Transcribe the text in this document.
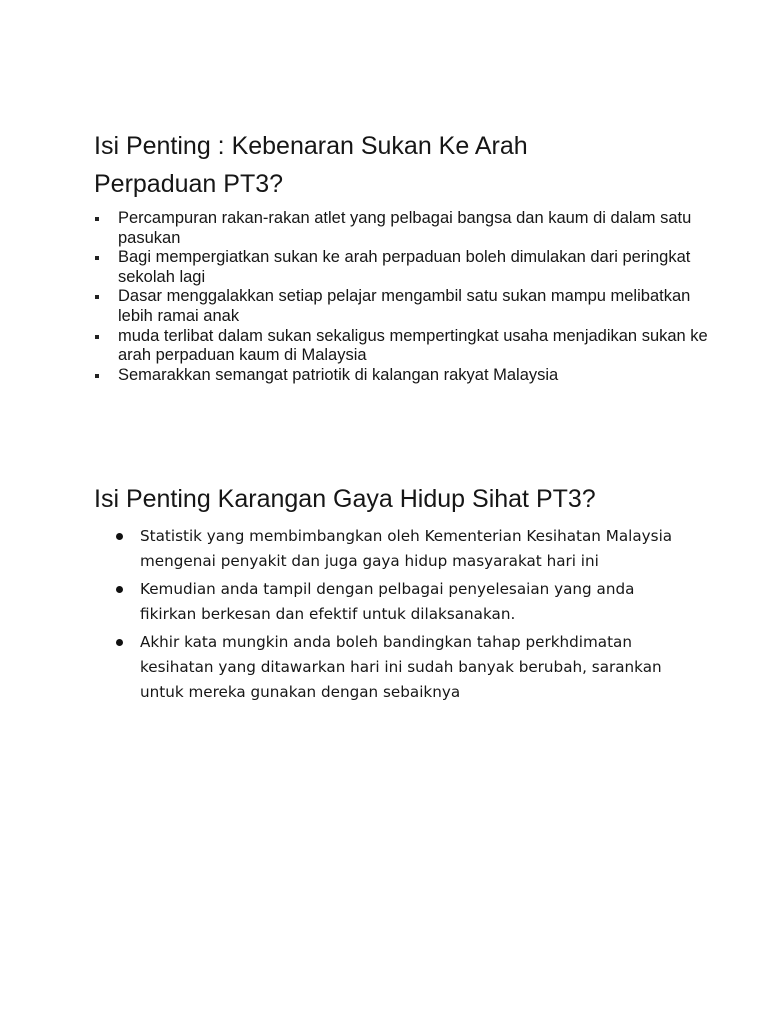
Isi Penting : Kebenaran Sukan Ke Arah
Perpaduan PT3?
Percampuran rakan-rakan atlet yang pelbagai bangsa dan kaum di dalam satu pasukan
Bagi mempergiatkan sukan ke arah perpaduan boleh dimulakan dari peringkat sekolah lagi
Dasar menggalakkan setiap pelajar mengambil satu sukan mampu melibatkan lebih ramai anak
muda terlibat dalam sukan sekaligus mempertingkat usaha menjadikan sukan ke arah perpaduan kaum di Malaysia
Semarakkan semangat patriotik di kalangan rakyat Malaysia
Isi Penting Karangan Gaya Hidup Sihat PT3?
Statistik yang membimbangkan oleh Kementerian Kesihatan Malaysia mengenai penyakit dan juga gaya hidup masyarakat hari ini
Kemudian anda tampil dengan pelbagai penyelesaian yang anda fikirkan berkesan dan efektif untuk dilaksanakan.
Akhir kata mungkin anda boleh bandingkan tahap perkhdimatan kesihatan yang ditawarkan hari ini sudah banyak berubah, sarankan untuk mereka gunakan dengan sebaiknya
